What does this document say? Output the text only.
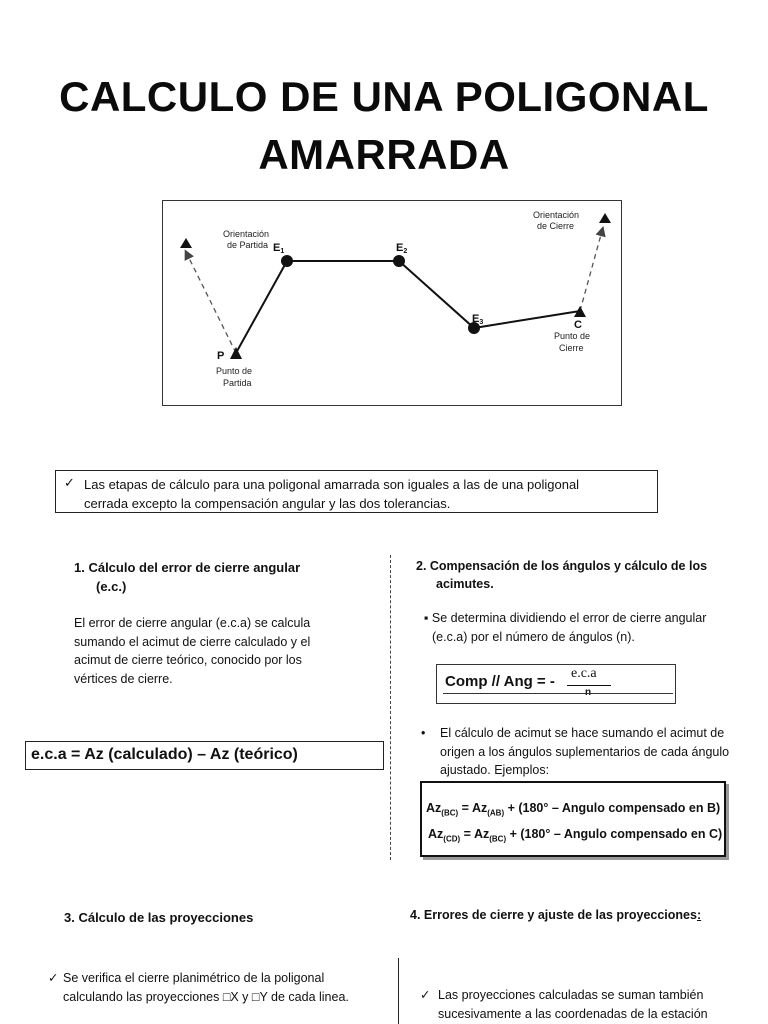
CALCULO DE UNA POLIGONAL
AMARRADA
Orientación
de Partida
Orientación
de Cierre
E1	E2
E3
P
C
Punto de
Partida
Punto de
Cierre
✓ Las etapas de cálculo para una poligonal amarrada son iguales a las de una poligonal
cerrada excepto la compensación angular y las dos tolerancias.
1. Cálculo del error de cierre angular
(e.c.)
El error de cierre angular (e.c.a) se calcula
sumando el acimut de cierre calculado y el
acimut de cierre teórico, conocido por los
vértices de cierre.
e.c.a = Az (calculado) – Az (teórico)
2. Compensación de los ángulos y cálculo de los
acimutes.
▪ Se determina dividiendo el error de cierre angular
(e.c.a) por el número de ángulos (n).
Comp // Ang = - e.c.a
n
• El cálculo de acimut se hace sumando el acimut de
origen a los ángulos suplementarios de cada ángulo
ajustado. Ejemplos:
$Az_{(BC)} = Az_{(AB)} + (180^\circ$ – Angulo compensado en B)
$Az_{(CD)} = Az_{(BC)} + (180^\circ$ – Angulo compensado en C)
3. Cálculo de las proyecciones
✓ Se verifica el cierre planimétrico de la poligonal
calculando las proyecciones □X y □Y de cada linea.
4. Errores de cierre y ajuste de las proyecciones:
✓ Las proyecciones calculadas se suman también
sucesivamente a las coordenadas de la estación
